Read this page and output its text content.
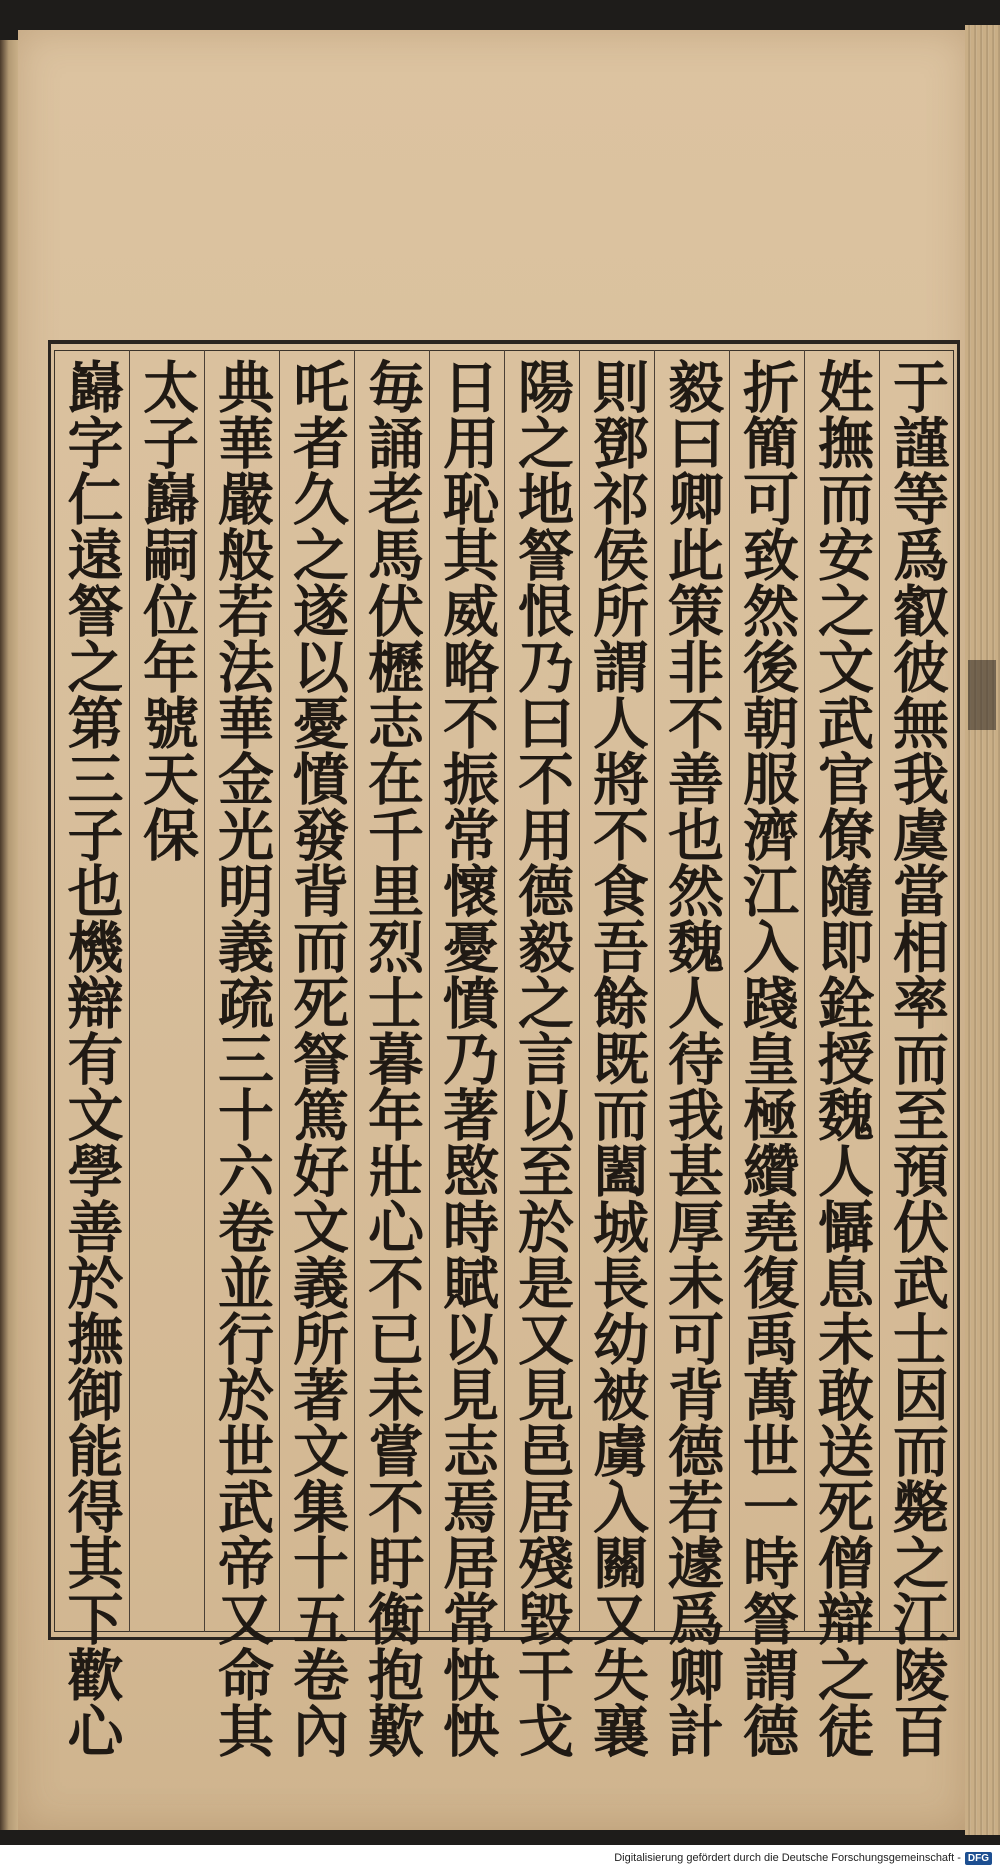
于謹等爲叡彼無我虞當相率而至預伏武士因而斃之江陵百
姓撫而安之文武官僚隨即銓授魏人懾息未敢送死僧辯之徒
折簡可致然後朝服濟江入踐皇極纘堯復禹萬世一時詧謂德
毅曰卿此策非不善也然魏人待我甚厚未可背德若遽爲卿計
則鄧祁侯所謂人將不食吾餘既而闔城長幼被虜入關又失襄
陽之地詧恨乃曰不用德毅之言以至於是又見邑居殘毀干戈
日用恥其威略不振常懷憂憤乃著愍時賦以見志焉居常怏怏
毎誦老馬伏櫪志在千里烈士暮年壯心不已未嘗不盱衡抱歎
吒者久之遂以憂憤發背而死詧篤好文義所著文集十五卷內
典華嚴般若法華金光明義疏三十六卷並行於世武帝又命其
太子巋嗣位年號天保
巋字仁遠詧之第三子也機辯有文學善於撫御能得其下歡心
Digitalisierung gefördert durch die Deutsche Forschungsgemeinschaft - DFG
